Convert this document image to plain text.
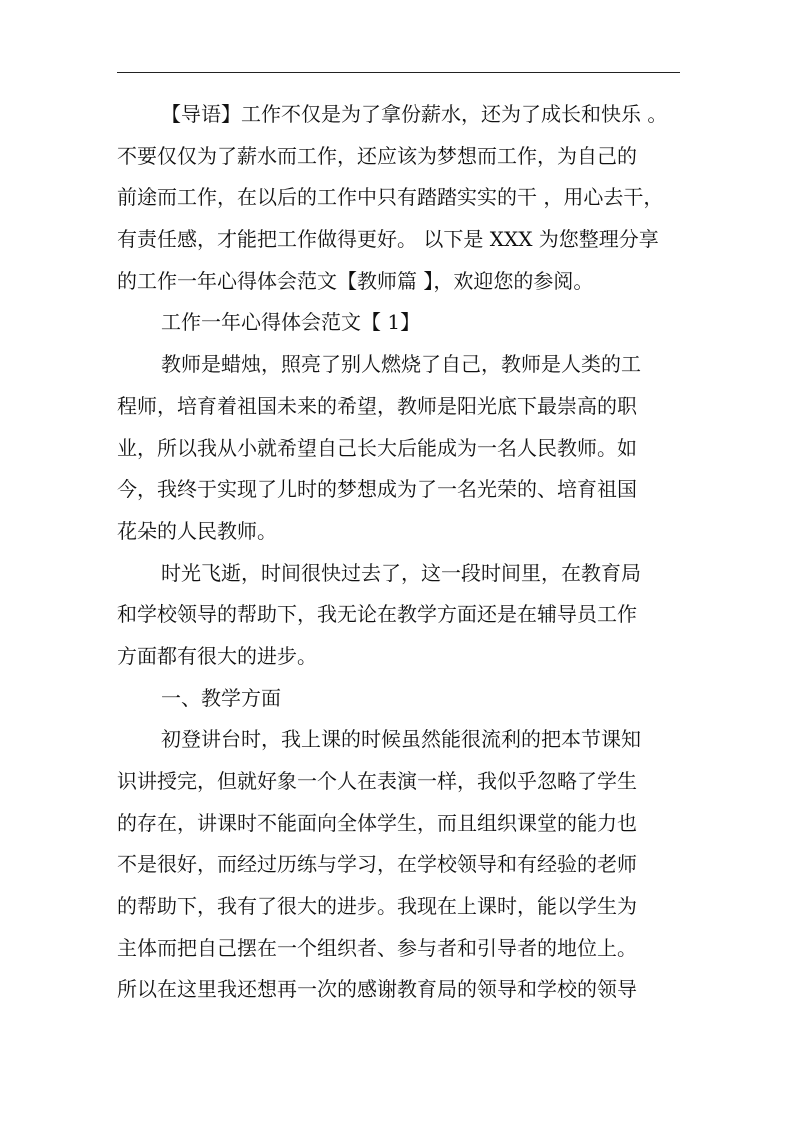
【导语】工作不仅是为了拿份薪水，还为了成长和快乐 。
不要仅仅为了薪水而工作，还应该为梦想而工作，为自己的
前途而工作，在以后的工作中只有踏踏实实的干 ，用心去干，
有责任感，才能把工作做得更好。 以下是 XXX 为您整理分享
的工作一年心得体会范文【教师篇 】，欢迎您的参阅。
工作一年心得体会范文【 1】
教师是蜡烛，照亮了别人燃烧了自己，教师是人类的工
程师，培育着祖国未来的希望，教师是阳光底下最崇高的职
业，所以我从小就希望自己长大后能成为一名人民教师。如
今，我终于实现了儿时的梦想成为了一名光荣的、培育祖国
花朵的人民教师。
时光飞逝，时间很快过去了，这一段时间里，在教育局
和学校领导的帮助下，我无论在教学方面还是在辅导员工作
方面都有很大的进步。
一、教学方面
初登讲台时，我上课的时候虽然能很流利的把本节课知
识讲授完，但就好象一个人在表演一样，我似乎忽略了学生
的存在，讲课时不能面向全体学生，而且组织课堂的能力也
不是很好，而经过历练与学习，在学校领导和有经验的老师
的帮助下，我有了很大的进步。我现在上课时，能以学生为
主体而把自己摆在一个组织者、参与者和引导者的地位上。
所以在这里我还想再一次的感谢教育局的领导和学校的领导
